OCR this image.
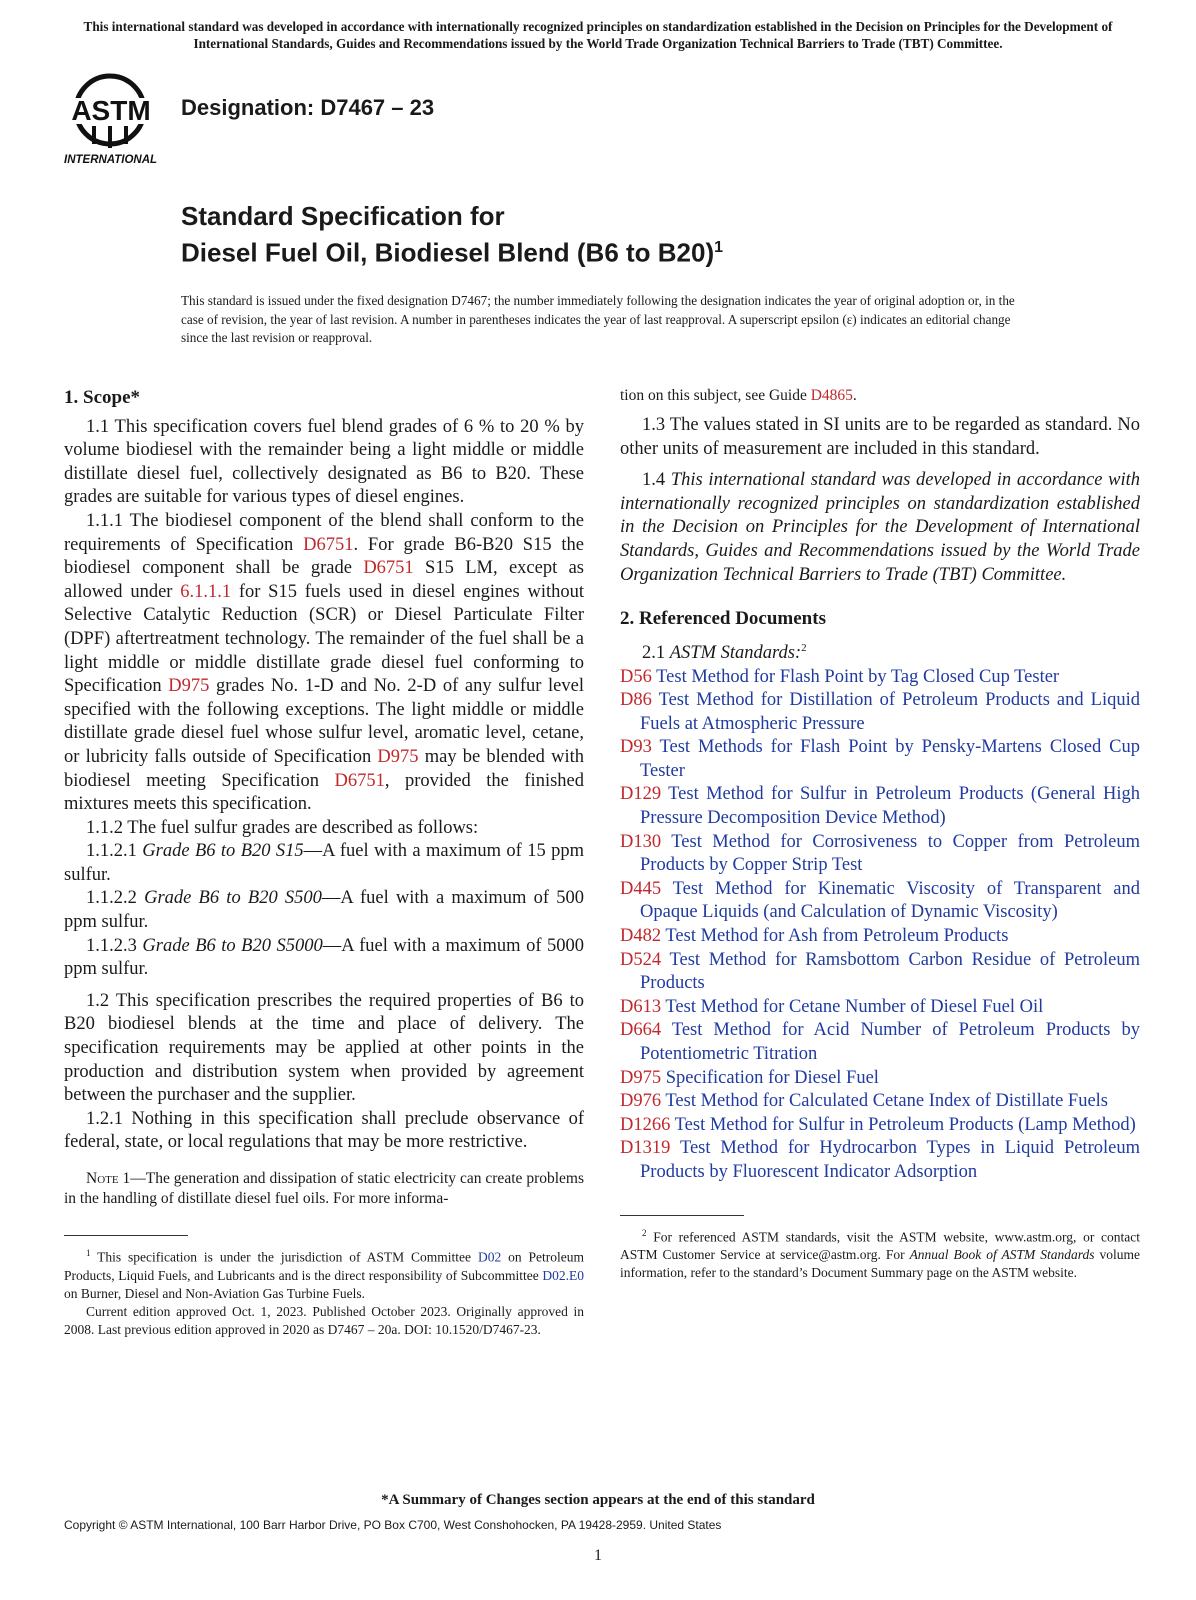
This international standard was developed in accordance with internationally recognized principles on standardization established in the Decision on Principles for the Development of International Standards, Guides and Recommendations issued by the World Trade Organization Technical Barriers to Trade (TBT) Committee.
ASTM
INTERNATIONAL
Designation: D7467 – 23
Standard Specification for
Diesel Fuel Oil, Biodiesel Blend (B6 to B20)$^1$
This standard is issued under the fixed designation D7467; the number immediately following the designation indicates the year of original adoption or, in the case of revision, the year of last revision. A number in parentheses indicates the year of last reapproval. A superscript epsilon (ε) indicates an editorial change since the last revision or reapproval.
1. Scope*

1.1 This specification covers fuel blend grades of 6 % to 20 % by volume biodiesel with the remainder being a light middle or middle distillate diesel fuel, collectively designated as B6 to B20. These grades are suitable for various types of diesel engines.

1.1.1 The biodiesel component of the blend shall conform to the requirements of Specification D6751. For grade B6-B20 S15 the biodiesel component shall be grade D6751 S15 LM, except as allowed under 6.1.1.1 for S15 fuels used in diesel engines without Selective Catalytic Reduction (SCR) or Diesel Particulate Filter (DPF) aftertreatment technology. The remainder of the fuel shall be a light middle or middle distillate grade diesel fuel conforming to Specification D975 grades No. 1-D and No. 2-D of any sulfur level specified with the following exceptions. The light middle or middle distillate grade diesel fuel whose sulfur level, aromatic level, cetane, or lubricity falls outside of Specification D975 may be blended with biodiesel meeting Specification D6751, provided the finished mixtures meets this specification.

1.1.2 The fuel sulfur grades are described as follows:

1.1.2.1 Grade B6 to B20 S15—A fuel with a maximum of 15 ppm sulfur.

1.1.2.2 Grade B6 to B20 S500—A fuel with a maximum of 500 ppm sulfur.

1.1.2.3 Grade B6 to B20 S5000—A fuel with a maximum of 5000 ppm sulfur.

1.2 This specification prescribes the required properties of B6 to B20 biodiesel blends at the time and place of delivery. The specification requirements may be applied at other points in the production and distribution system when provided by agreement between the purchaser and the supplier.

1.2.1 Nothing in this specification shall preclude observance of federal, state, or local regulations that may be more restrictive.

Note 1—The generation and dissipation of static electricity can create problems in the handling of distillate diesel fuel oils. For more informa-

$^1$ This specification is under the jurisdiction of ASTM Committee D02 on Petroleum Products, Liquid Fuels, and Lubricants and is the direct responsibility of Subcommittee D02.E0 on Burner, Diesel and Non-Aviation Gas Turbine Fuels.

Current edition approved Oct. 1, 2023. Published October 2023. Originally approved in 2008. Last previous edition approved in 2020 as D7467 – 20a. DOI: 10.1520/D7467-23.

tion on this subject, see Guide D4865.

1.3 The values stated in SI units are to be regarded as standard. No other units of measurement are included in this standard.

1.4 This international standard was developed in accordance with internationally recognized principles on standardization established in the Decision on Principles for the Development of International Standards, Guides and Recommendations issued by the World Trade Organization Technical Barriers to Trade (TBT) Committee.

2. Referenced Documents

2.1 ASTM Standards:$^2$

D56 Test Method for Flash Point by Tag Closed Cup Tester

D86 Test Method for Distillation of Petroleum Products and Liquid Fuels at Atmospheric Pressure

D93 Test Methods for Flash Point by Pensky-Martens Closed Cup Tester

D129 Test Method for Sulfur in Petroleum Products (General High Pressure Decomposition Device Method)

D130 Test Method for Corrosiveness to Copper from Petroleum Products by Copper Strip Test

D445 Test Method for Kinematic Viscosity of Transparent and Opaque Liquids (and Calculation of Dynamic Viscosity)

D482 Test Method for Ash from Petroleum Products

D524 Test Method for Ramsbottom Carbon Residue of Petroleum Products

D613 Test Method for Cetane Number of Diesel Fuel Oil

D664 Test Method for Acid Number of Petroleum Products by Potentiometric Titration

D975 Specification for Diesel Fuel

D976 Test Method for Calculated Cetane Index of Distillate Fuels

D1266 Test Method for Sulfur in Petroleum Products (Lamp Method)

D1319 Test Method for Hydrocarbon Types in Liquid Petroleum Products by Fluorescent Indicator Adsorption

$^2$ For referenced ASTM standards, visit the ASTM website, www.astm.org, or contact ASTM Customer Service at service@astm.org. For Annual Book of ASTM Standards volume information, refer to the standard’s Document Summary page on the ASTM website.

*A Summary of Changes section appears at the end of this standard
Copyright © ASTM International, 100 Barr Harbor Drive, PO Box C700, West Conshohocken, PA 19428-2959. United States
1
